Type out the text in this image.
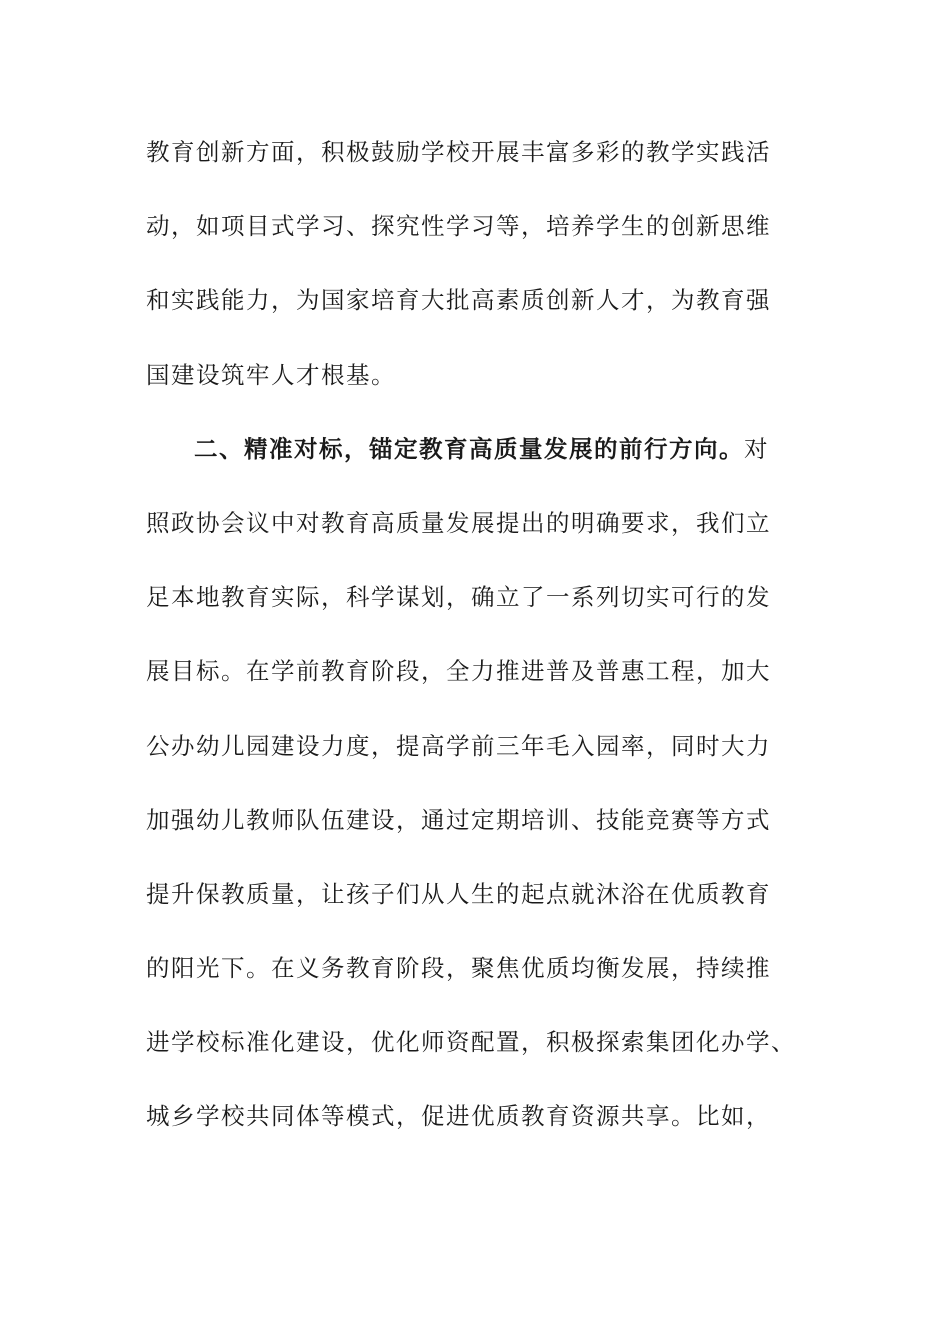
教育创新方面，积极鼓励学校开展丰富多彩的教学实践活
动，如项目式学习、探究性学习等，培养学生的创新思维
和实践能力，为国家培育大批高素质创新人才，为教育强
国建设筑牢人才根基。
二、精准对标，锚定教育高质量发展的前行方向。对
照政协会议中对教育高质量发展提出的明确要求，我们立
足本地教育实际，科学谋划，确立了一系列切实可行的发
展目标。在学前教育阶段，全力推进普及普惠工程，加大
公办幼儿园建设力度，提高学前三年毛入园率，同时大力
加强幼儿教师队伍建设，通过定期培训、技能竞赛等方式
提升保教质量，让孩子们从人生的起点就沐浴在优质教育
的阳光下。在义务教育阶段，聚焦优质均衡发展，持续推
进学校标准化建设，优化师资配置，积极探索集团化办学、
城乡学校共同体等模式，促进优质教育资源共享。比如，
